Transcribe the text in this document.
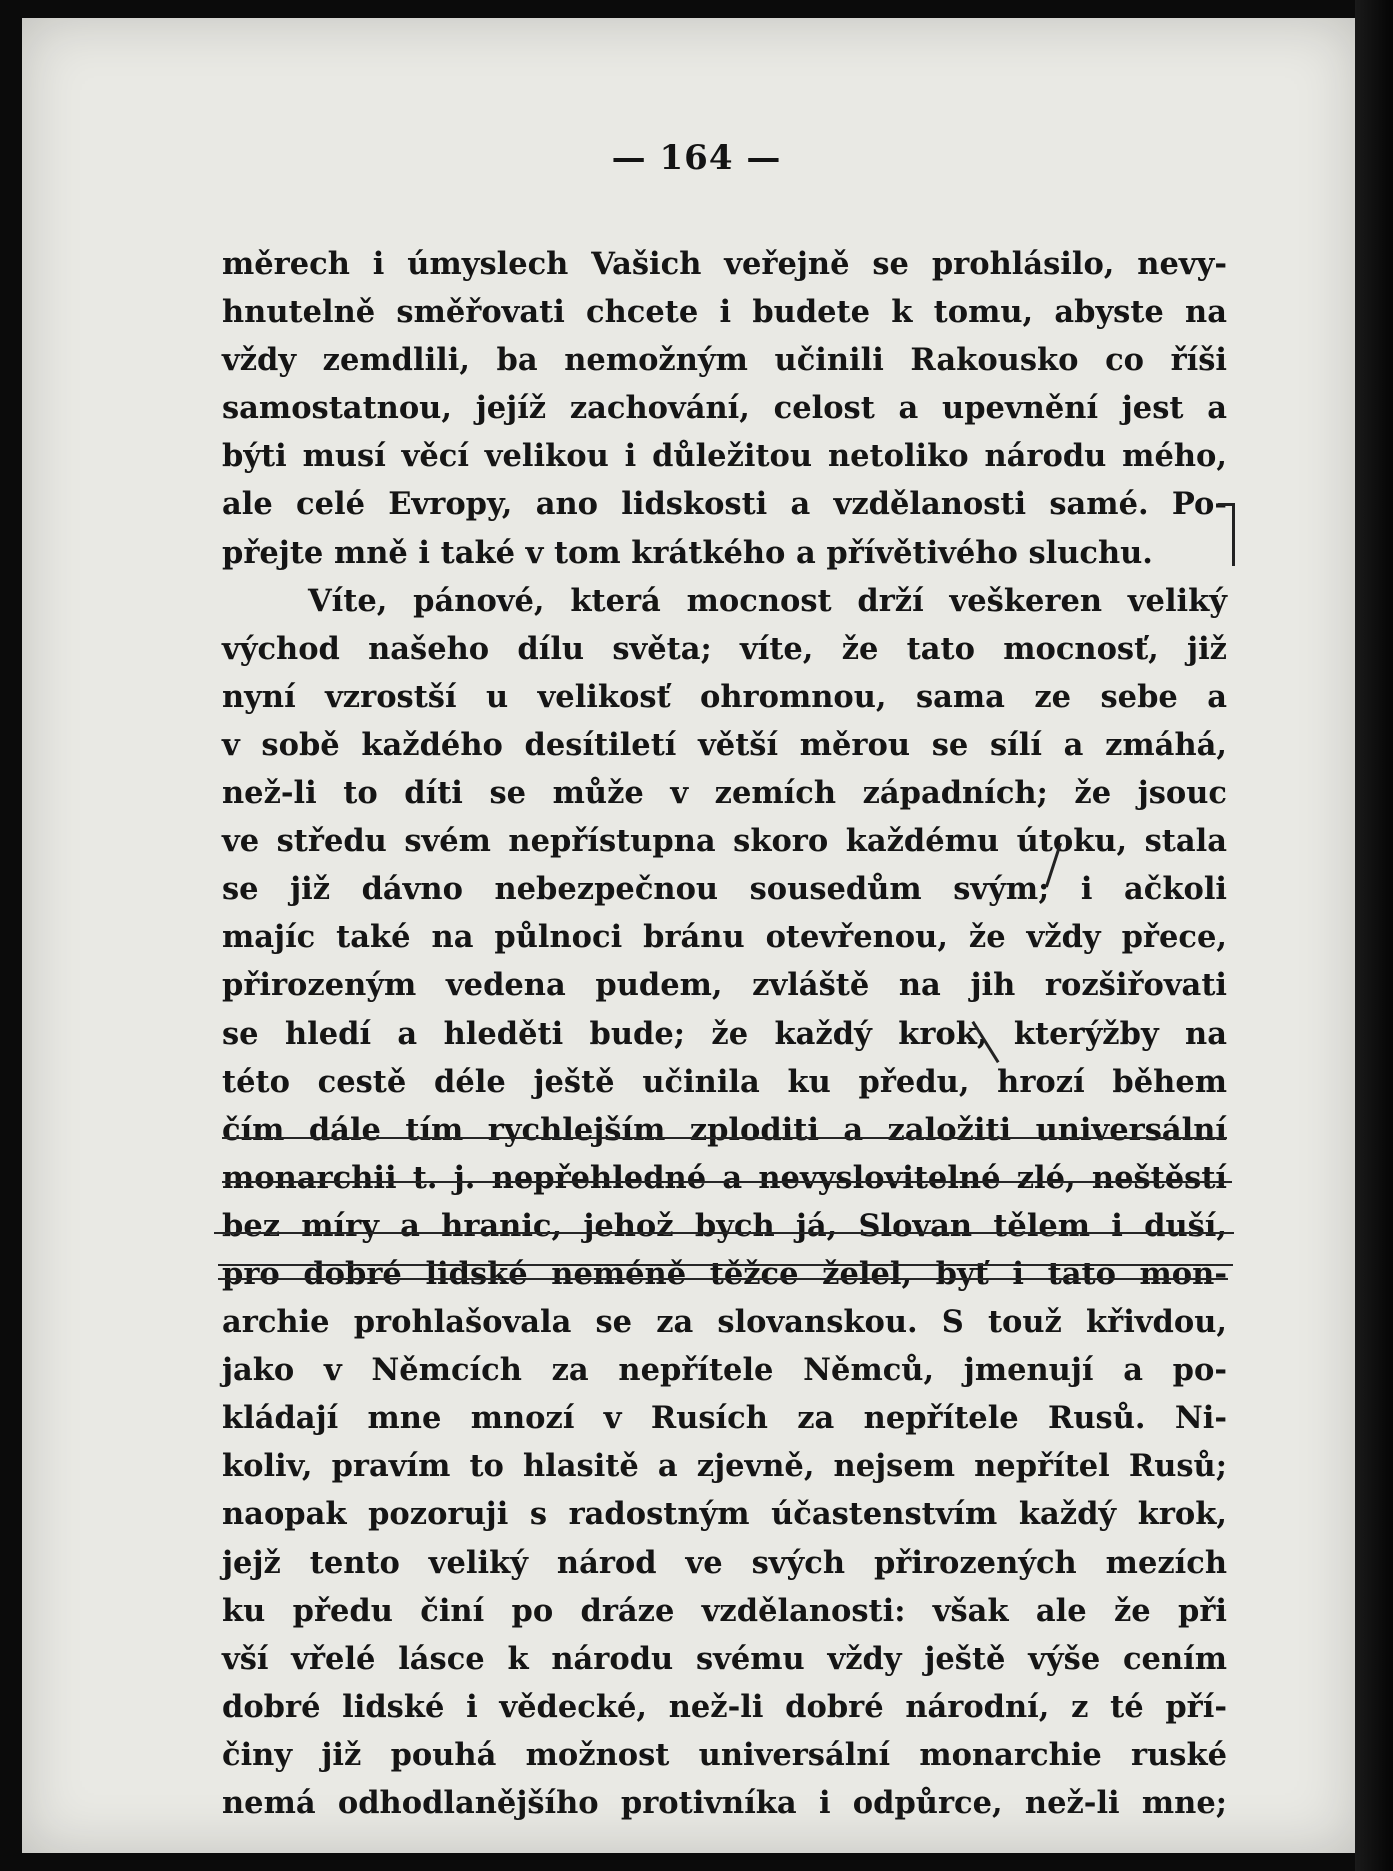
— 164 —
měrech i úmyslech Vašich veřejně se prohlásilo, nevy-
hnutelně směřovati chcete i budete k tomu, abyste na
vždy zemdlili, ba nemožným učinili Rakousko co říši
samostatnou, jejíž zachování, celost a upevnění jest a
býti musí věcí velikou i důležitou netoliko národu mého,
ale celé Evropy, ano lidskosti a vzdělanosti samé. Po-
přejte mně i také v tom krátkého a přívětivého sluchu.
Víte, pánové, která mocnost drží veškeren veliký
východ našeho dílu světa; víte, že tato mocnosť, již
nyní vzrostší u velikosť ohromnou, sama ze sebe a
v sobě každého desítiletí větší měrou se sílí a zmáhá,
než-li to díti se může v zemích západních; že jsouc
ve středu svém nepřístupna skoro každému útoku, stala
se již dávno nebezpečnou sousedům svým; i ačkoli
majíc také na půlnoci bránu otevřenou, že vždy přece,
přirozeným vedena pudem, zvláště na jih rozšiřovati
se hledí a hleděti bude; že každý krok, kterýžby na
této cestě déle ještě učinila ku předu, hrozí během
čím dále tím rychlejším zploditi a založiti universální
monarchii t. j. nepřehledné a nevyslovitelné zlé, neštěstí
bez míry a hranic, jehož bych já, Slovan tělem i duší,
pro dobré lidské neméně těžce želel, byť i tato mon-
archie prohlašovala se za slovanskou. S touž křivdou,
jako v Němcích za nepřítele Němců, jmenují a po-
kládají mne mnozí v Rusích za nepřítele Rusů. Ni-
koliv, pravím to hlasitě a zjevně, nejsem nepřítel Rusů;
naopak pozoruji s radostným účastenstvím každý krok,
jejž tento veliký národ ve svých přirozených mezích
ku předu činí po dráze vzdělanosti: však ale že při
vší vřelé lásce k národu svému vždy ještě výše cením
dobré lidské i vědecké, než-li dobré národní, z té pří-
činy již pouhá možnost universální monarchie ruské
nemá odhodlanějšího protivníka i odpůrce, než-li mne;
